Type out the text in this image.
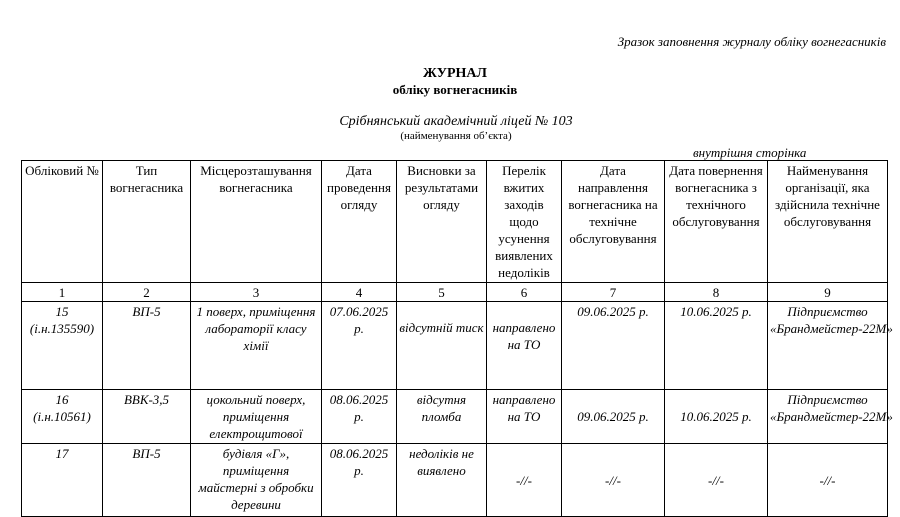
Зразок заповнення журналу обліку вогнегасників
ЖУРНАЛ
обліку вогнегасників
Срібнянський академічний ліцей № 103
(найменування об’єкта)
внутрішня сторінка
Обліковий №	Тип вогнегасника	Місцерозташування вогнегасника	Дата проведення огляду	Висновки за результатами огляду	Перелік вжитих заходів щодо усунення виявлених недоліків	Дата направлення вогнегасника на технічне обслуговування	Дата повернення вогнегасника з технічного обслуговування	Найменування організації, яка здійснила технічне обслуговування
1	2	3	4	5	6	7	8	9

15
(і.н.135590)	ВП-5	1 поверх, приміщення лабораторії класу хімії	07.06.2025 р.	відсутній тиск	направлено на ТО	09.06.2025 р.	10.06.2025 р.	Підприємство «Брандмейстер-22М»

16
(і.н.10561)	ВВК-3,5	цокольний поверх, приміщення електрощитової	08.06.2025 р.	відсутня пломба	направлено на ТО	09.06.2025 р.	10.06.2025 р.	Підприємство «Брандмейстер-22М»

17	ВП-5	будівля «Г», приміщення майстерні з обробки деревини	08.06.2025 р.	недоліків не виявлено	-//-	-//-	-//-	-//-
